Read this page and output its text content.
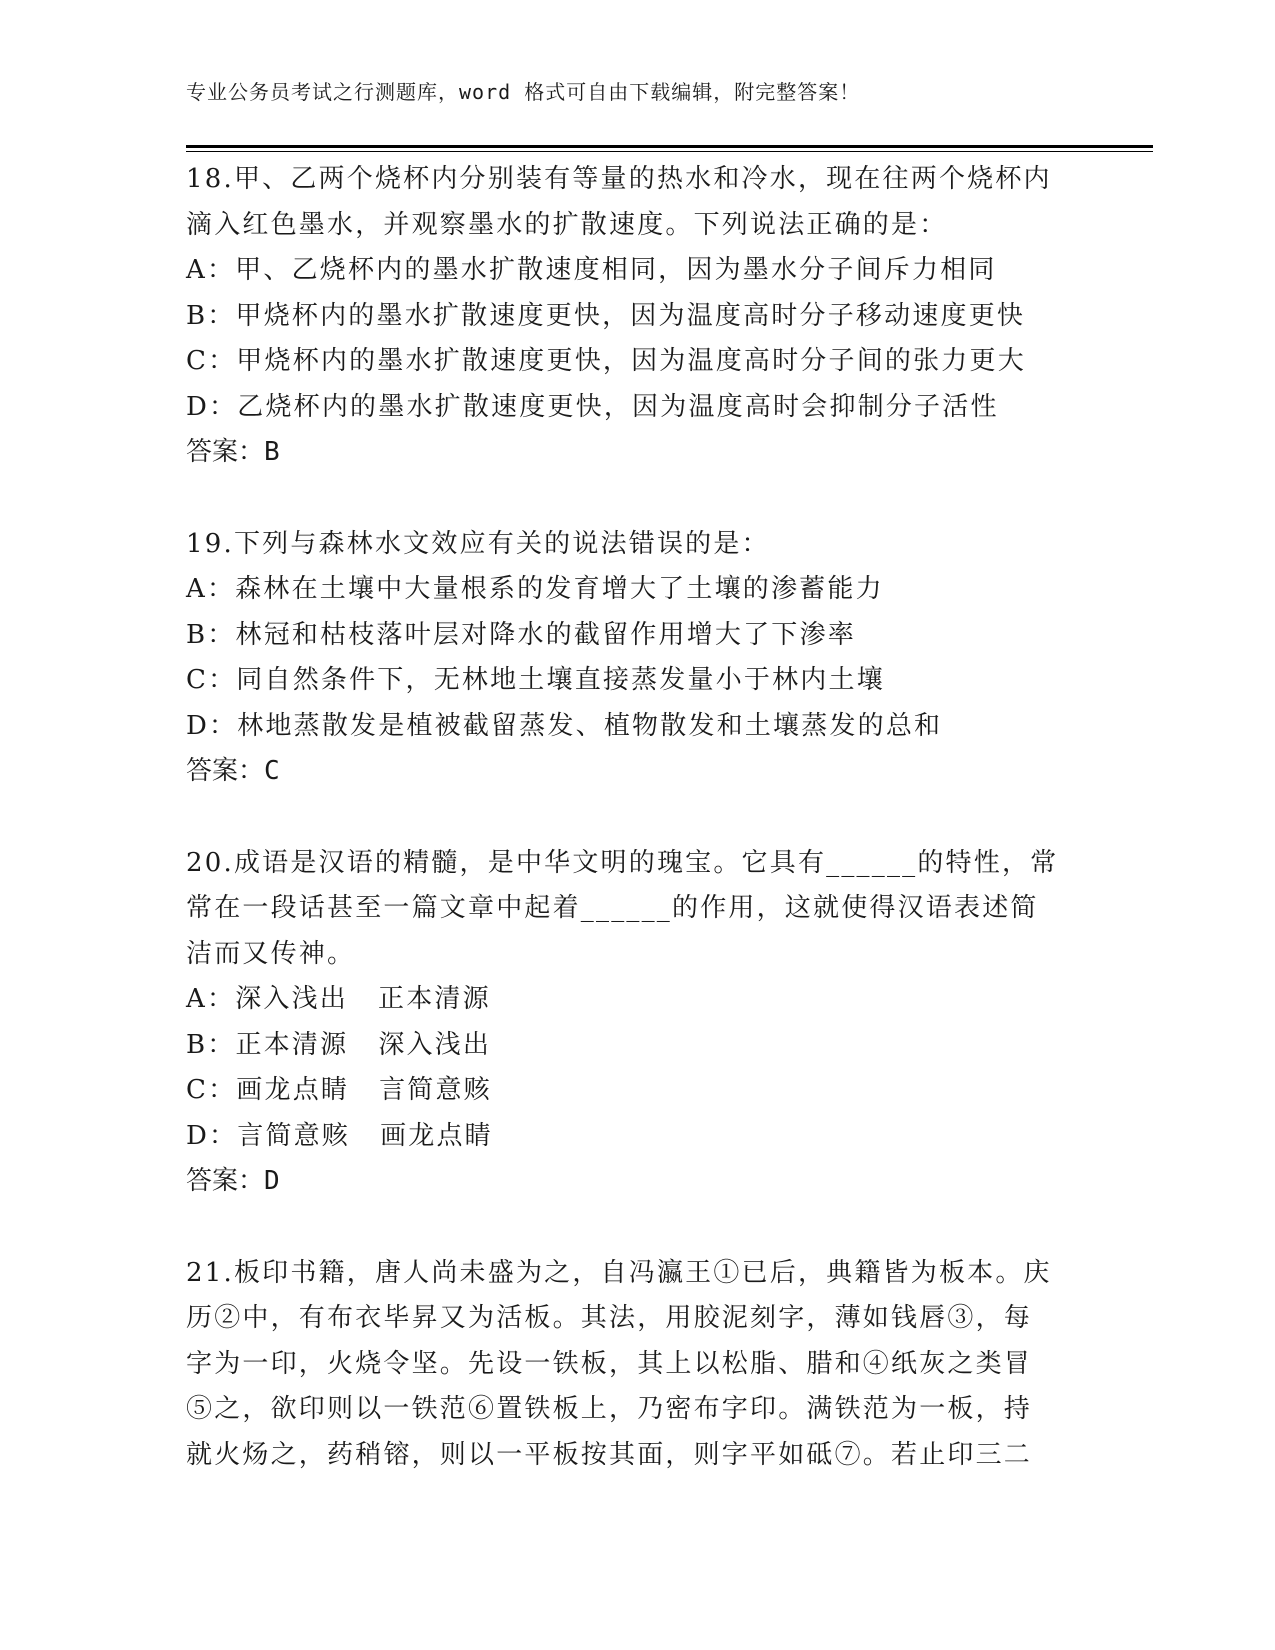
专业公务员考试之行测题库，word 格式可自由下载编辑，附完整答案！
18.甲、乙两个烧杯内分别装有等量的热水和冷水，现在往两个烧杯内
滴入红色墨水，并观察墨水的扩散速度。下列说法正确的是：
A：甲、乙烧杯内的墨水扩散速度相同，因为墨水分子间斥力相同
B：甲烧杯内的墨水扩散速度更快，因为温度高时分子移动速度更快
C：甲烧杯内的墨水扩散速度更快，因为温度高时分子间的张力更大
D：乙烧杯内的墨水扩散速度更快，因为温度高时会抑制分子活性
答案：B
19.下列与森林水文效应有关的说法错误的是：
A：森林在土壤中大量根系的发育增大了土壤的渗蓄能力
B：林冠和枯枝落叶层对降水的截留作用增大了下渗率
C：同自然条件下，无林地土壤直接蒸发量小于林内土壤
D：林地蒸散发是植被截留蒸发、植物散发和土壤蒸发的总和
答案：C
20.成语是汉语的精髓，是中华文明的瑰宝。它具有______的特性，常
常在一段话甚至一篇文章中起着______的作用，这就使得汉语表述简
洁而又传神。
A：深入浅出 正本清源
B：正本清源 深入浅出
C：画龙点睛 言简意赅
D：言简意赅 画龙点睛
答案：D
21.板印书籍，唐人尚未盛为之，自冯瀛王①已后，典籍皆为板本。庆
历②中，有布衣毕昇又为活板。其法，用胶泥刻字，薄如钱唇③，每
字为一印，火烧令坚。先设一铁板，其上以松脂、腊和④纸灰之类冒
⑤之，欲印则以一铁范⑥置铁板上，乃密布字印。满铁范为一板，持
就火炀之，药稍镕，则以一平板按其面，则字平如砥⑦。若止印三二
